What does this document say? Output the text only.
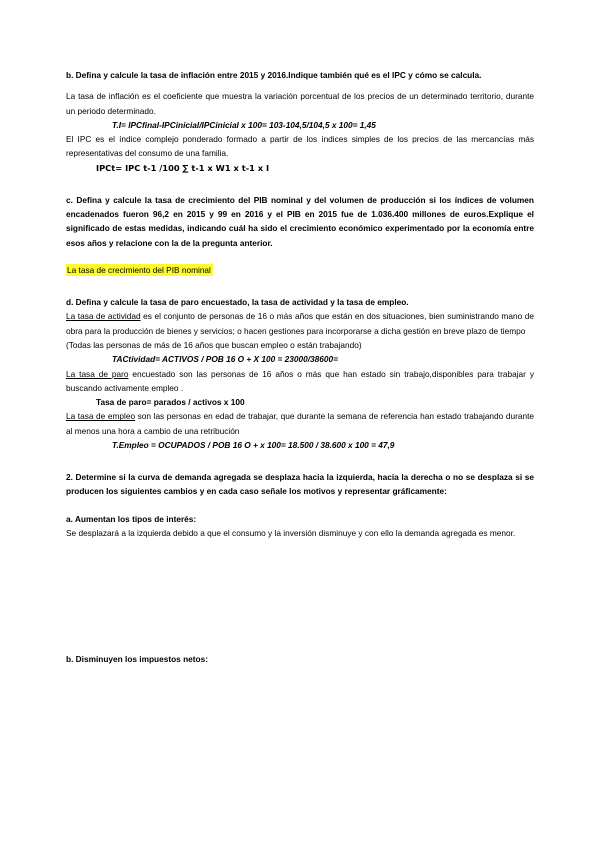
b. Defina y calcule la tasa de inflación entre 2015 y 2016.Indique también qué es el IPC y cómo se calcula.

La tasa de inflación es el coeficiente que muestra la variación porcentual de los precios de un determinado territorio, durante un periodo determinado.

T.I= IPCfinal-IPCinicial/IPCinicial x 100= 103-104,5/104,5 x 100= 1,45

El IPC es el índice complejo ponderado formado a partir de los índices simples de los precios de las mercancías más representativas del consumo de una familia.

IPCt= IPC t-1 /100 ∑ t-1 x W1 x t-1 x I

c. Defina y calcule la tasa de crecimiento del PIB nominal y del volumen de producción si los índices de volumen encadenados fueron 96,2 en 2015 y 99 en 2016 y el PIB en 2015 fue de 1.036.400 millones de euros.Explique el significado de estas medidas, indicando cuál ha sido el crecimiento económico experimentado por la economía entre esos años y relacione con la de la pregunta anterior.

La tasa de crecimiento del PIB nominal

d. Defina y calcule la tasa de paro encuestado, la tasa de actividad y la tasa de empleo.

La tasa de actividad es el conjunto de personas de 16 o más años que están en dos situaciones, bien suministrando mano de obra para la producción de bienes y servicios; o hacen gestiones para incorporarse a dicha gestión en breve plazo de tiempo

(Todas las personas de más de 16 años que buscan empleo o están trabajando)

TACtividad= ACTIVOS / POB 16 O + X 100 = 23000/38600=

La tasa de paro encuestado son las personas de 16 años o más que han estado sin trabajo,disponibles para trabajar y buscando activamente empleo .

Tasa de paro= parados / activos x 100

La tasa de empleo son las personas en edad de trabajar, que durante la semana de referencia han estado trabajando durante al menos una hora a cambio de una retribución

T.Empleo = OCUPADOS / POB 16 O + x 100= 18.500 / 38.600 x 100 = 47,9

2. Determine si la curva de demanda agregada se desplaza hacia la izquierda, hacia la derecha o no se desplaza si se producen los siguientes cambios y en cada caso señale los motivos y representar gráficamente:

a. Aumentan los tipos de interés:

Se desplazará a la izquierda debido a que el consumo y la inversión disminuye y con ello la demanda agregada es menor.

b. Disminuyen los impuestos netos:
